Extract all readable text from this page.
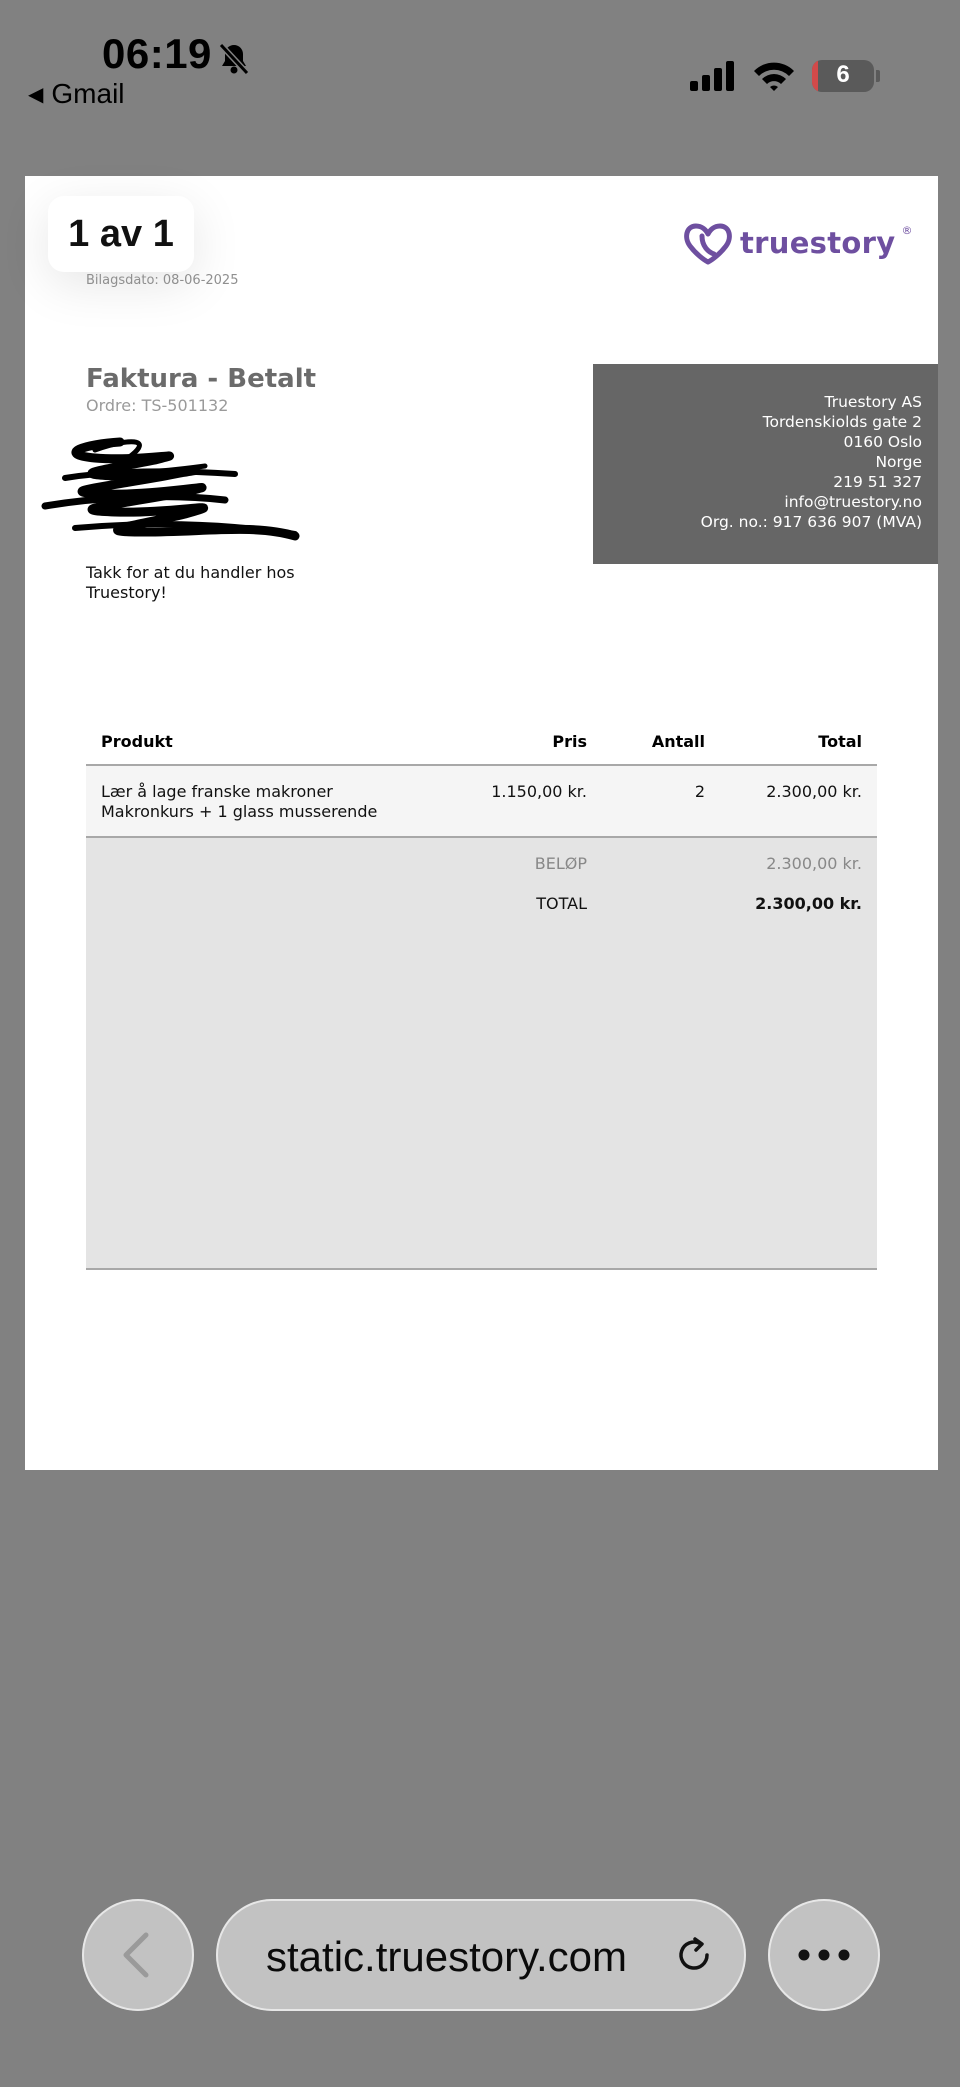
06:19
◀ Gmail
6
1 av 1
Bilagsdato: 08-06-2025
truestory ®
Faktura - Betalt
Ordre: TS-501132

Takk for at du handler hos Truestory!
Truestory AS
Tordenskiolds gate 2
0160 Oslo
Norge
219 51 327
info@truestory.no
Org. no.: 917 636 907 (MVA)
Produkt	Pris	Antall	Total
Lær å lage franske makroner
Makronkurs + 1 glass musserende
1.150,00 kr.	2	2.300,00 kr.
BELØP	2.300,00 kr.
TOTAL	2.300,00 kr.
static.truestory.com
